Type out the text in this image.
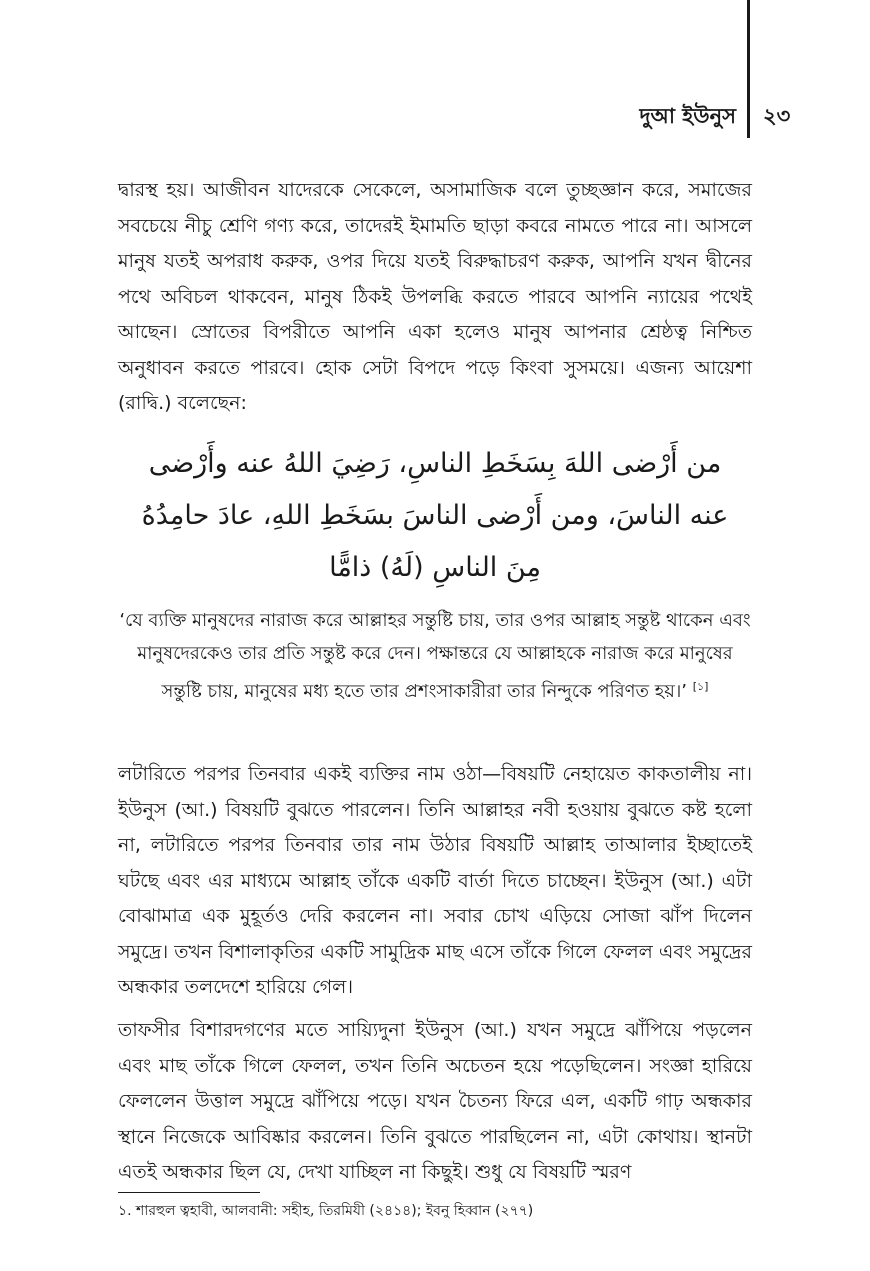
দুআ ইউনুস ২৩

দ্বারস্থ হয়। আজীবন যাদেরকে সেকেলে, অসামাজিক বলে তুচ্ছজ্ঞান করে, সমাজের সবচেয়ে নীচু শ্রেণি গণ্য করে, তাদেরই ইমামতি ছাড়া কবরে নামতে পারে না। আসলে মানুষ যতই অপরাধ করুক, ওপর দিয়ে যতই বিরুদ্ধাচরণ করুক, আপনি যখন দ্বীনের পথে অবিচল থাকবেন, মানুষ ঠিকই উপলব্ধি করতে পারবে আপনি ন্যায়ের পথেই আছেন। স্রোতের বিপরীতে আপনি একা হলেও মানুষ আপনার শ্রেষ্ঠত্ব নিশ্চিত অনুধাবন করতে পারবে। হোক সেটা বিপদে পড়ে কিংবা সুসময়ে। এজন্য আয়েশা (রাদ্বি.) বলেছেন:

من أَرْضى اللهَ بِسَخَطِ الناسِ، رَضِيَ اللهُ عنه وأَرْضى عنه الناسَ، ومن أَرْضى الناسَ بسَخَطِ اللهِ، عادَ حامِدُهُ مِنَ الناسِ (لَهُ) ذامًّا

‘যে ব্যক্তি মানুষদের নারাজ করে আল্লাহর সন্তুষ্টি চায়, তার ওপর আল্লাহ সন্তুষ্ট থাকেন এবং মানুষদেরকেও তার প্রতি সন্তুষ্ট করে দেন। পক্ষান্তরে যে আল্লাহকে নারাজ করে মানুষের সন্তুষ্টি চায়, মানুষের মধ্য হতে তার প্রশংসাকারীরা তার নিন্দুকে পরিণত হয়।’ [১]

লটারিতে পরপর তিনবার একই ব্যক্তির নাম ওঠা—বিষয়টি নেহায়েত কাকতালীয় না। ইউনুস (আ.) বিষয়টি বুঝতে পারলেন। তিনি আল্লাহর নবী হওয়ায় বুঝতে কষ্ট হলো না, লটারিতে পরপর তিনবার তার নাম উঠার বিষয়টি আল্লাহ তাআলার ইচ্ছাতেই ঘটছে এবং এর মাধ্যমে আল্লাহ তাঁকে একটি বার্তা দিতে চাচ্ছেন। ইউনুস (আ.) এটা বোঝামাত্র এক মুহূর্তও দেরি করলেন না। সবার চোখ এড়িয়ে সোজা ঝাঁপ দিলেন সমুদ্রে। তখন বিশালাকৃতির একটি সামুদ্রিক মাছ এসে তাঁকে গিলে ফেলল এবং সমুদ্রের অন্ধকার তলদেশে হারিয়ে গেল।

তাফসীর বিশারদগণের মতে সায়্যিদুনা ইউনুস (আ.) যখন সমুদ্রে ঝাঁপিয়ে পড়লেন এবং মাছ তাঁকে গিলে ফেলল, তখন তিনি অচেতন হয়ে পড়েছিলেন। সংজ্ঞা হারিয়ে ফেললেন উত্তাল সমুদ্রে ঝাঁপিয়ে পড়ে। যখন চৈতন্য ফিরে এল, একটি গাঢ় অন্ধকার স্থানে নিজেকে আবিষ্কার করলেন। তিনি বুঝতে পারছিলেন না, এটা কোথায়। স্থানটা এতই অন্ধকার ছিল যে, দেখা যাচ্ছিল না কিছুই। শুধু যে বিষয়টি স্মরণ

১. শারহুল ত্বহাবী, আলবানী: সহীহ, তিরমিযী (২৪১৪); ইবনু হিব্বান (২৭৭)
